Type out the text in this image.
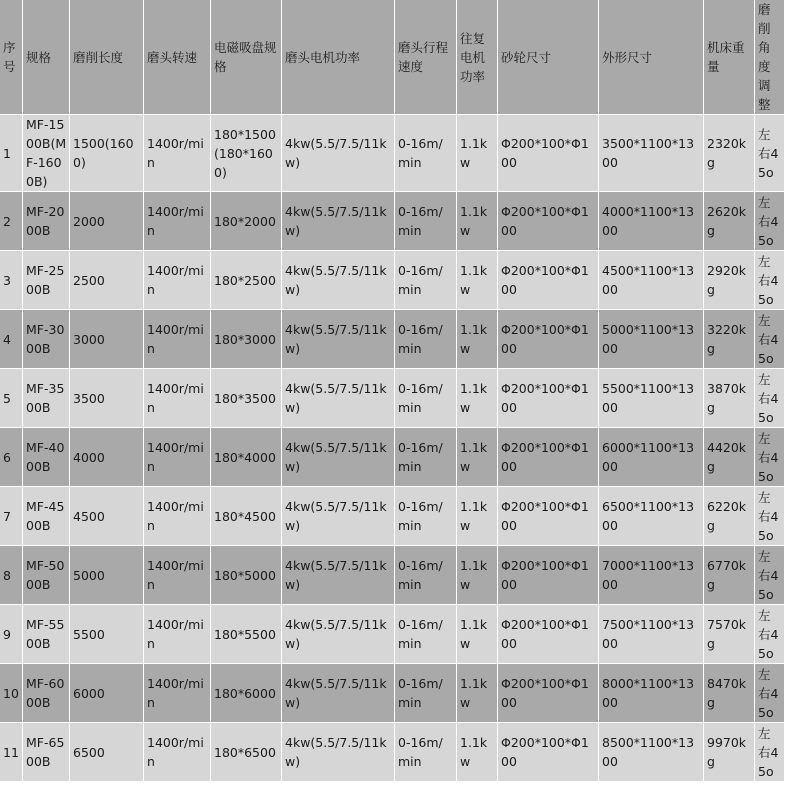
序号	规格	磨削长度	磨头转速	电磁吸盘规格	磨头电机功率	磨头行程速度	往复电机功率	砂轮尺寸	外形尺寸	机床重量	磨削角度调整
1	MF-1500B(MF-1600B)	1500(1600)	1400r/min	180*1500(180*1600)	4kw(5.5/7.5/11kw)	0-16m/min	1.1kw	Φ200*100*Φ100	3500*1100*1300	2320kg	左右45o
2	MF-2000B	2000	1400r/min	180*2000	4kw(5.5/7.5/11kw)	0-16m/min	1.1kw	Φ200*100*Φ100	4000*1100*1300	2620kg	左右45o
3	MF-2500B	2500	1400r/min	180*2500	4kw(5.5/7.5/11kw)	0-16m/min	1.1kw	Φ200*100*Φ100	4500*1100*1300	2920kg	左右45o
4	MF-3000B	3000	1400r/min	180*3000	4kw(5.5/7.5/11kw)	0-16m/min	1.1kw	Φ200*100*Φ100	5000*1100*1300	3220kg	左右45o
5	MF-3500B	3500	1400r/min	180*3500	4kw(5.5/7.5/11kw)	0-16m/min	1.1kw	Φ200*100*Φ100	5500*1100*1300	3870kg	左右45o
6	MF-4000B	4000	1400r/min	180*4000	4kw(5.5/7.5/11kw)	0-16m/min	1.1kw	Φ200*100*Φ100	6000*1100*1300	4420kg	左右45o
7	MF-4500B	4500	1400r/min	180*4500	4kw(5.5/7.5/11kw)	0-16m/min	1.1kw	Φ200*100*Φ100	6500*1100*1300	6220kg	左右45o
8	MF-5000B	5000	1400r/min	180*5000	4kw(5.5/7.5/11kw)	0-16m/min	1.1kw	Φ200*100*Φ100	7000*1100*1300	6770kg	左右45o
9	MF-5500B	5500	1400r/min	180*5500	4kw(5.5/7.5/11kw)	0-16m/min	1.1kw	Φ200*100*Φ100	7500*1100*1300	7570kg	左右45o
10	MF-6000B	6000	1400r/min	180*6000	4kw(5.5/7.5/11kw)	0-16m/min	1.1kw	Φ200*100*Φ100	8000*1100*1300	8470kg	左右45o
11	MF-6500B	6500	1400r/min	180*6500	4kw(5.5/7.5/11kw)	0-16m/min	1.1kw	Φ200*100*Φ100	8500*1100*1300	9970kg	左右45o
